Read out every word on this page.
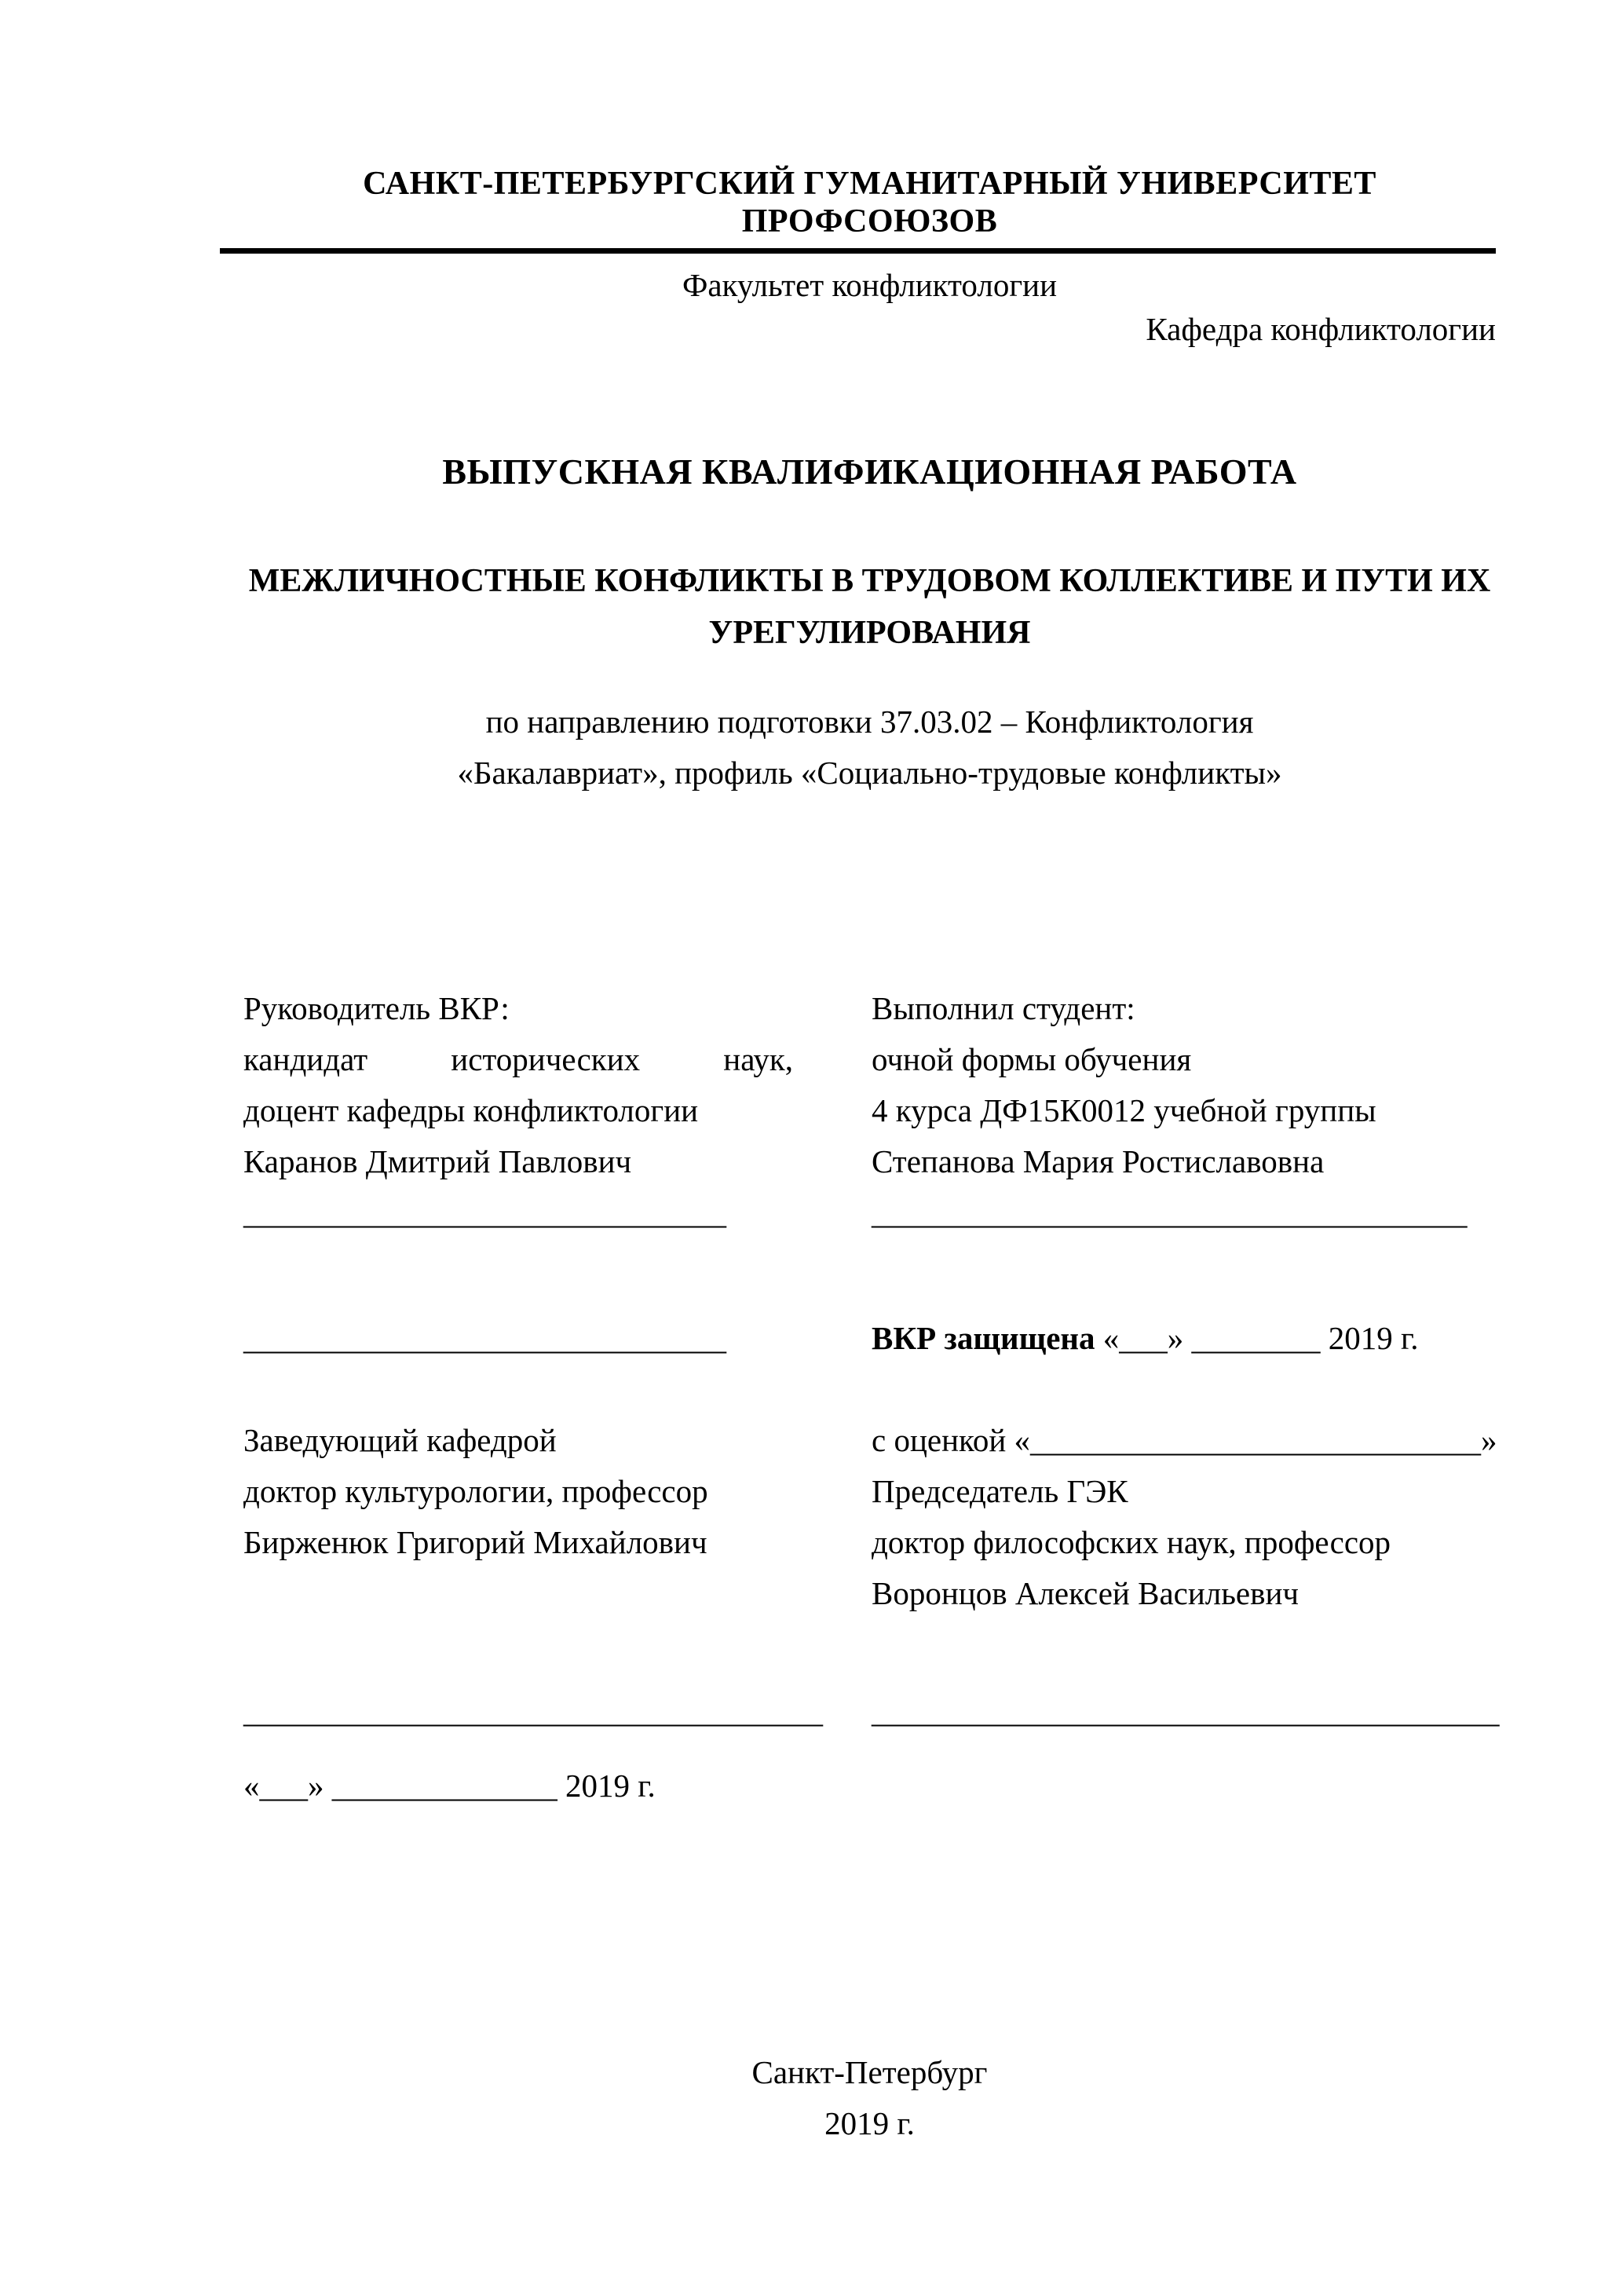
САНКТ-ПЕТЕРБУРГСКИЙ ГУМАНИТАРНЫЙ УНИВЕРСИТЕТ ПРОФСОЮЗОВ
Факультет конфликтологии
Кафедра конфликтологии
ВЫПУСКНАЯ КВАЛИФИКАЦИОННАЯ РАБОТА
МЕЖЛИЧНОСТНЫЕ КОНФЛИКТЫ В ТРУДОВОМ КОЛЛЕКТИВЕ И ПУТИ ИХ
УРЕГУЛИРОВАНИЯ
по направлению подготовки 37.03.02 – Конфликтология
«Бакалавриат», профиль «Социально-трудовые конфликты»
Руководитель ВКР:
кандидат исторических наук,
доцент кафедры конфликтологии
Каранов Дмитрий Павлович
______________________________
Выполнил студент:
очной формы обучения
4 курса ДФ15К0012 учебной группы
Степанова Мария Ростиславовна
_____________________________________
______________________________
Заведующий кафедрой
доктор культурологии, профессор
Бирженюк Григорий Михайлович
ВКР защищена «___» ________ 2019 г.
с оценкой «____________________________»
Председатель ГЭК
доктор философских наук, профессор
Воронцов Алексей Васильевич
____________________________________ _______________________________________
«___» ______________ 2019 г.
Санкт-Петербург
2019 г.
